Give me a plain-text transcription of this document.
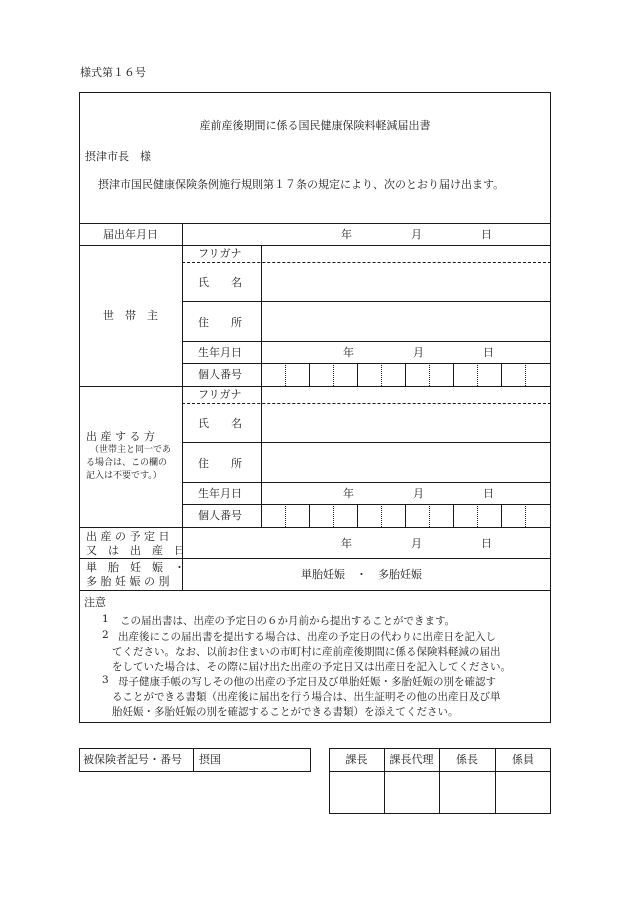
様式第１６号
産前産後期間に係る国民健康保険料軽減届出書
摂津市長　様
摂津市国民健康保険条例施行規則第１７条の規定により、次のとおり届け出ます。
届出年月日	年	月	日
世　帯　主
フリガナ
氏　　名
住　　所
生年月日	年	月	日
個人番号
出 産 す る 方
（世帯主と同一であ
る場合は、この欄の
記入は不要です。）
フリガナ
氏　　名
住　　所
生年月日	年	月	日
個人番号
出 産 の 予 定 日
又　は　出　産　日
年	月	日
単　胎　妊　娠　・
多 胎 妊 娠 の 別
単胎妊娠　・　多胎妊娠
注意
1 この届出書は、出産の予定日の６か月前から提出することができます。
2 出産後にこの届出書を提出する場合は、出産の予定日の代わりに出産日を記入し
てください。なお、以前お住まいの市町村に産前産後期間に係る保険料軽減の届出
をしていた場合は、その際に届け出た出産の予定日又は出産日を記入してください。
3 母子健康手帳の写しその他の出産の予定日及び単胎妊娠・多胎妊娠の別を確認す
ることができる書類（出産後に届出を行う場合は、出生証明その他の出産日及び単
胎妊娠・多胎妊娠の別を確認することができる書類）を添えてください。
被保険者記号・番号 摂国	課長	課長代理	係長	係員
